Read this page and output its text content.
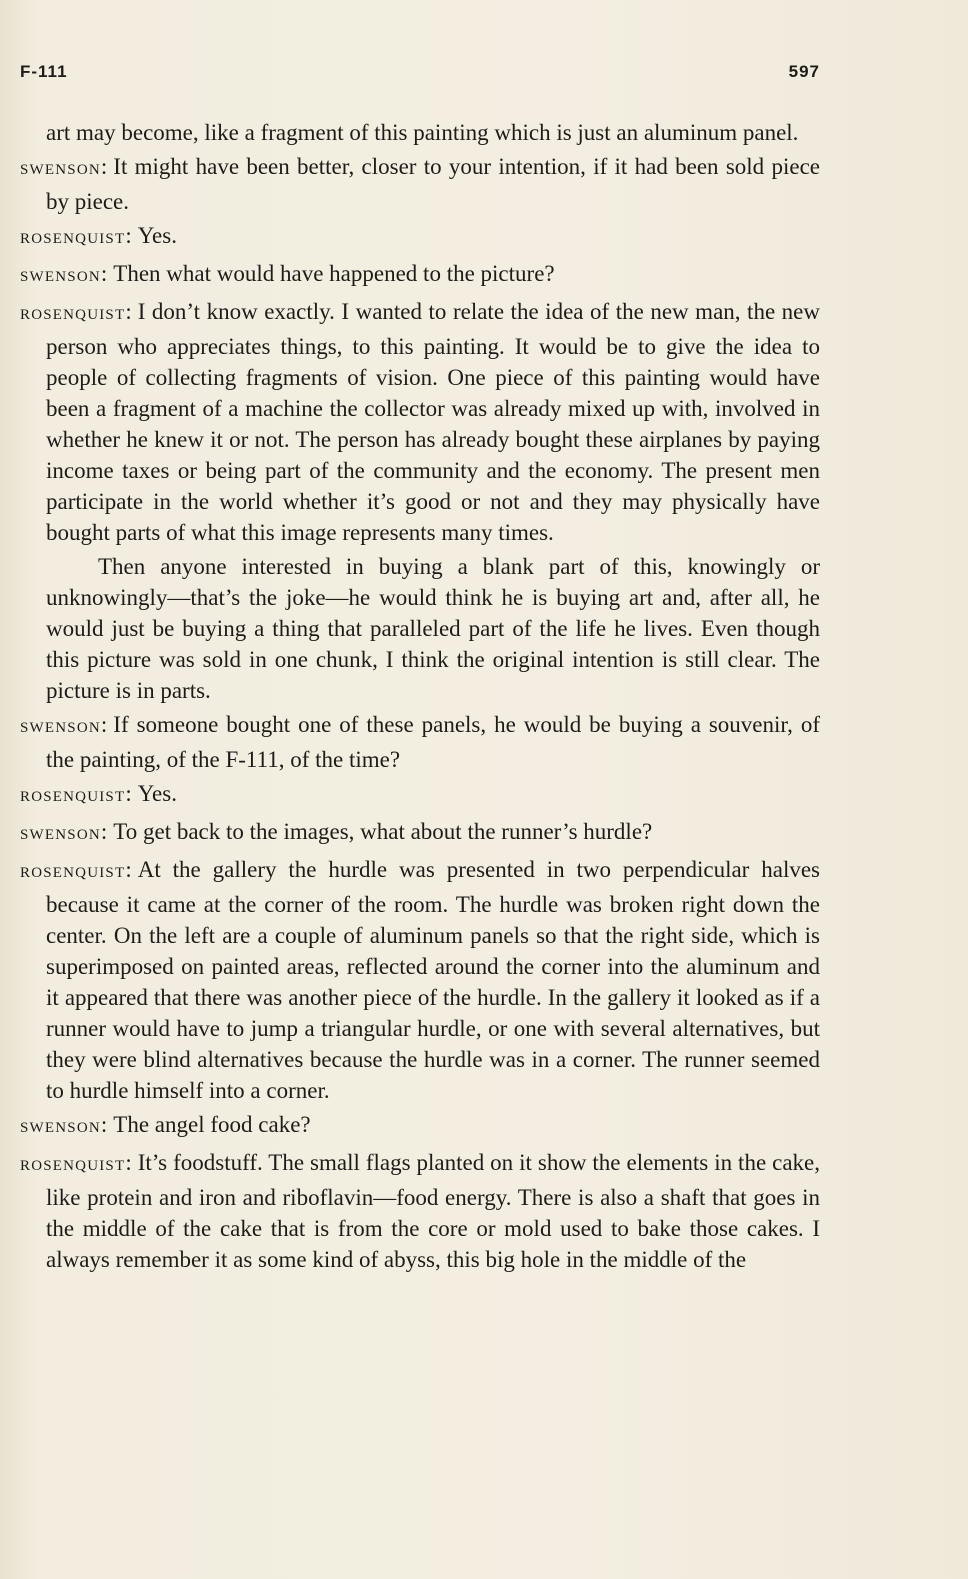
F-111	597

art may become, like a fragment of this painting which is just an aluminum panel.

SWENSON: It might have been better, closer to your intention, if it had been sold piece by piece.

ROSENQUIST: Yes.

SWENSON: Then what would have happened to the picture?

ROSENQUIST: I don’t know exactly. I wanted to relate the idea of the new man, the new person who appreciates things, to this painting. It would be to give the idea to people of collecting fragments of vision. One piece of this painting would have been a fragment of a machine the collector was already mixed up with, involved in whether he knew it or not. The person has already bought these airplanes by paying income taxes or being part of the community and the economy. The present men participate in the world whether it’s good or not and they may physically have bought parts of what this image represents many times.

Then anyone interested in buying a blank part of this, knowingly or unknowingly—that’s the joke—he would think he is buying art and, after all, he would just be buying a thing that paralleled part of the life he lives. Even though this picture was sold in one chunk, I think the original intention is still clear. The picture is in parts.

SWENSON: If someone bought one of these panels, he would be buying a souvenir, of the painting, of the F-111, of the time?

ROSENQUIST: Yes.

SWENSON: To get back to the images, what about the runner’s hurdle?

ROSENQUIST: At the gallery the hurdle was presented in two perpendicular halves because it came at the corner of the room. The hurdle was broken right down the center. On the left are a couple of aluminum panels so that the right side, which is superimposed on painted areas, reflected around the corner into the aluminum and it appeared that there was another piece of the hurdle. In the gallery it looked as if a runner would have to jump a triangular hurdle, or one with several alternatives, but they were blind alternatives because the hurdle was in a corner. The runner seemed to hurdle himself into a corner.

SWENSON: The angel food cake?

ROSENQUIST: It’s foodstuff. The small flags planted on it show the elements in the cake, like protein and iron and riboflavin—food energy. There is also a shaft that goes in the middle of the cake that is from the core or mold used to bake those cakes. I always remember it as some kind of abyss, this big hole in the middle of the
